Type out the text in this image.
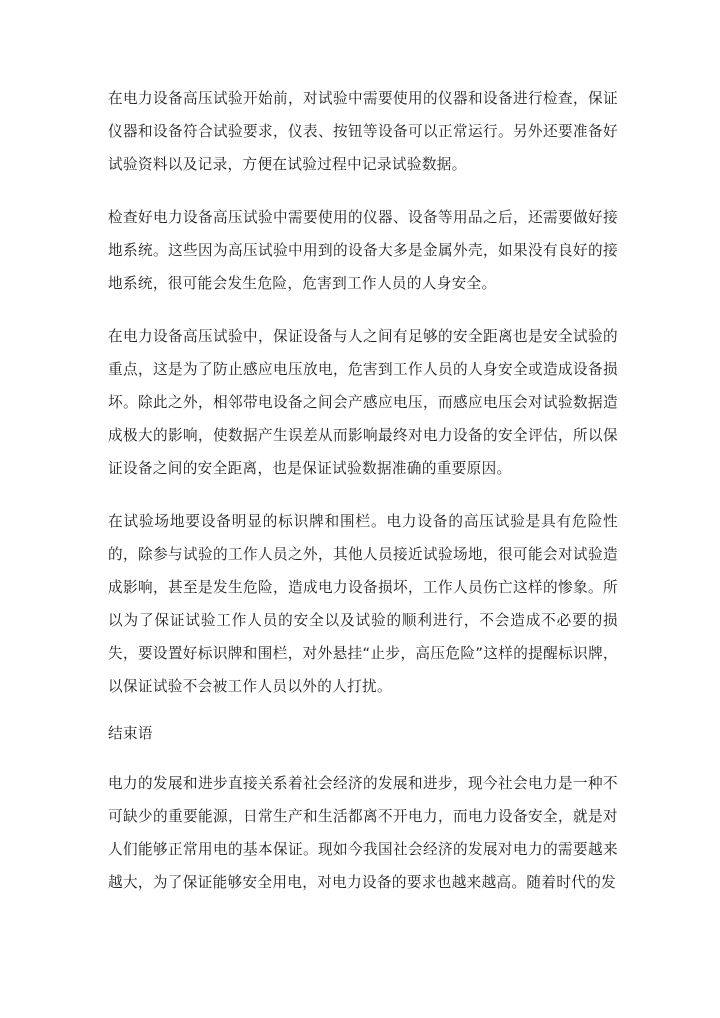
在电力设备高压试验开始前，对试验中需要使用的仪器和设备进行检查，保证仪器和设备符合试验要求，仪表、按钮等设备可以正常运行。另外还要准备好试验资料以及记录，方便在试验过程中记录试验数据。

检查好电力设备高压试验中需要使用的仪器、设备等用品之后，还需要做好接地系统。这些因为高压试验中用到的设备大多是金属外壳，如果没有良好的接地系统，很可能会发生危险，危害到工作人员的人身安全。

在电力设备高压试验中，保证设备与人之间有足够的安全距离也是安全试验的重点，这是为了防止感应电压放电，危害到工作人员的人身安全或造成设备损坏。除此之外，相邻带电设备之间会产感应电压，而感应电压会对试验数据造成极大的影响，使数据产生误差从而影响最终对电力设备的安全评估，所以保证设备之间的安全距离，也是保证试验数据准确的重要原因。

在试验场地要设备明显的标识牌和围栏。电力设备的高压试验是具有危险性的，除参与试验的工作人员之外，其他人员接近试验场地，很可能会对试验造成影响，甚至是发生危险，造成电力设备损坏，工作人员伤亡这样的惨象。所以为了保证试验工作人员的安全以及试验的顺利进行，不会造成不必要的损失，要设置好标识牌和围栏，对外悬挂“止步，高压危险”这样的提醒标识牌，以保证试验不会被工作人员以外的人打扰。

结束语

电力的发展和进步直接关系着社会经济的发展和进步，现今社会电力是一种不可缺少的重要能源，日常生产和生活都离不开电力，而电力设备安全，就是对人们能够正常用电的基本保证。现如今我国社会经济的发展对电力的需要越来越大，为了保证能够安全用电，对电力设备的要求也越来越高。随着时代的发
